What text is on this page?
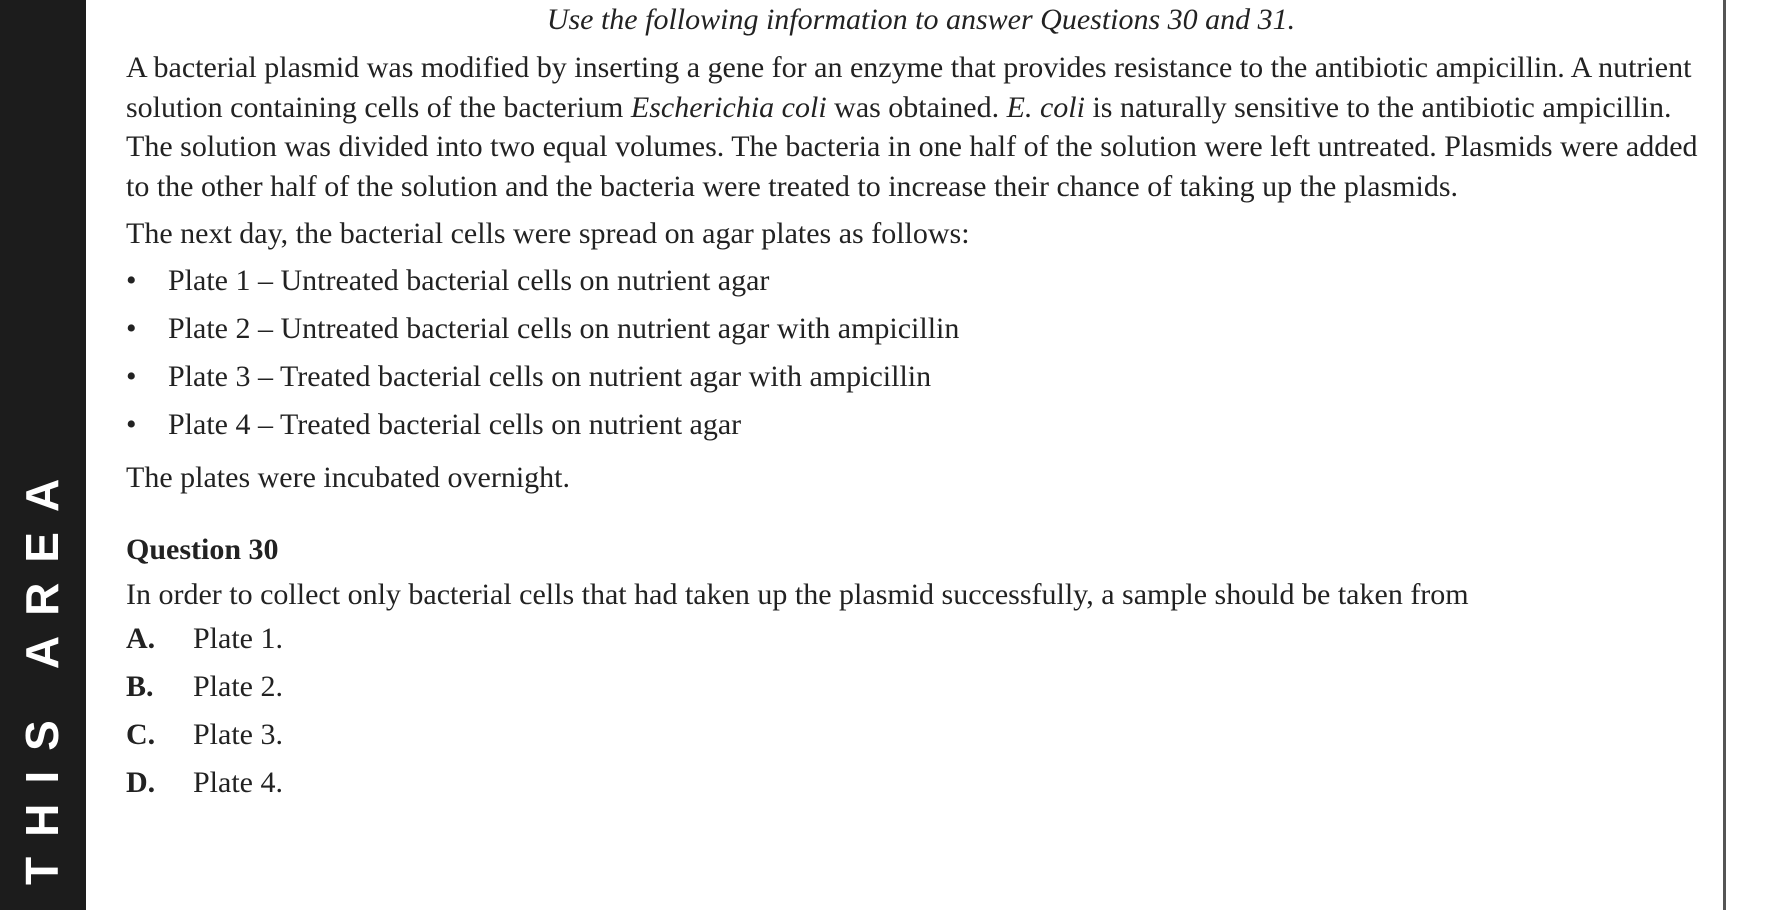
THIS AREA

Use the following information to answer Questions 30 and 31.

A bacterial plasmid was modified by inserting a gene for an enzyme that provides resistance to the antibiotic ampicillin. A nutrient solution containing cells of the bacterium Escherichia coli was obtained. E. coli is naturally sensitive to the antibiotic ampicillin. The solution was divided into two equal volumes. The bacteria in one half of the solution were left untreated. Plasmids were added to the other half of the solution and the bacteria were treated to increase their chance of taking up the plasmids.

The next day, the bacterial cells were spread on agar plates as follows:

• Plate 1 – Untreated bacterial cells on nutrient agar
• Plate 2 – Untreated bacterial cells on nutrient agar with ampicillin
• Plate 3 – Treated bacterial cells on nutrient agar with ampicillin
• Plate 4 – Treated bacterial cells on nutrient agar

The plates were incubated overnight.

Question 30

In order to collect only bacterial cells that had taken up the plasmid successfully, a sample should be taken from

A. Plate 1.
B. Plate 2.
C. Plate 3.
D. Plate 4.
